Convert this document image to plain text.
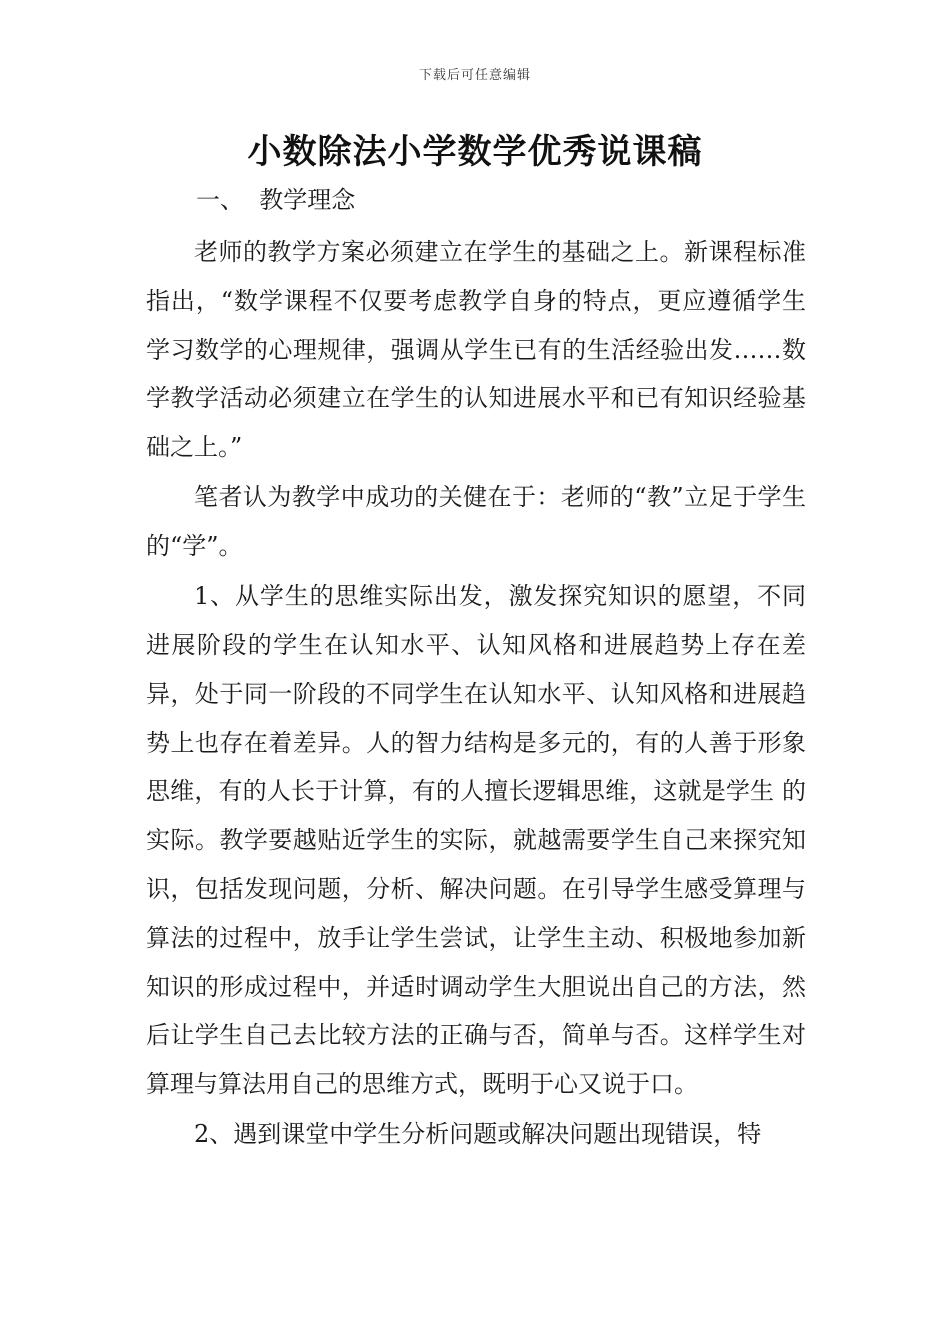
下载后可任意编辑
小数除法小学数学优秀说课稿
一、  教学理念

老师的教学方案必须建立在学生的基础之上。新课程标准指出，“数学课程不仅要考虑教学自身的特点，更应遵循学生学习数学的心理规律，强调从学生已有的生活经验出发……数学教学活动必须建立在学生的认知进展水平和已有知识经验基础之上。”

笔者认为教学中成功的关健在于：老师的“教”立足于学生的“学”。

1、从学生的思维实际出发，激发探究知识的愿望，不同进展阶段的学生在认知水平、认知风格和进展趋势上存在差异，处于同一阶段的不同学生在认知水平、认知风格和进展趋势上也存在着差异。人的智力结构是多元的，有的人善于形象思维，有的人长于计算，有的人擅长逻辑思维，这就是学生 的实际。教学要越贴近学生的实际，就越需要学生自己来探究知识，包括发现问题，分析、解决问题。在引导学生感受算理与算法的过程中，放手让学生尝试，让学生主动、积极地参加新知识的形成过程中，并适时调动学生大胆说出自己的方法，然后让学生自己去比较方法的正确与否，简单与否。这样学生对算理与算法用自己的思维方式，既明于心又说于口。

2、遇到课堂中学生分析问题或解决问题出现错误，特
